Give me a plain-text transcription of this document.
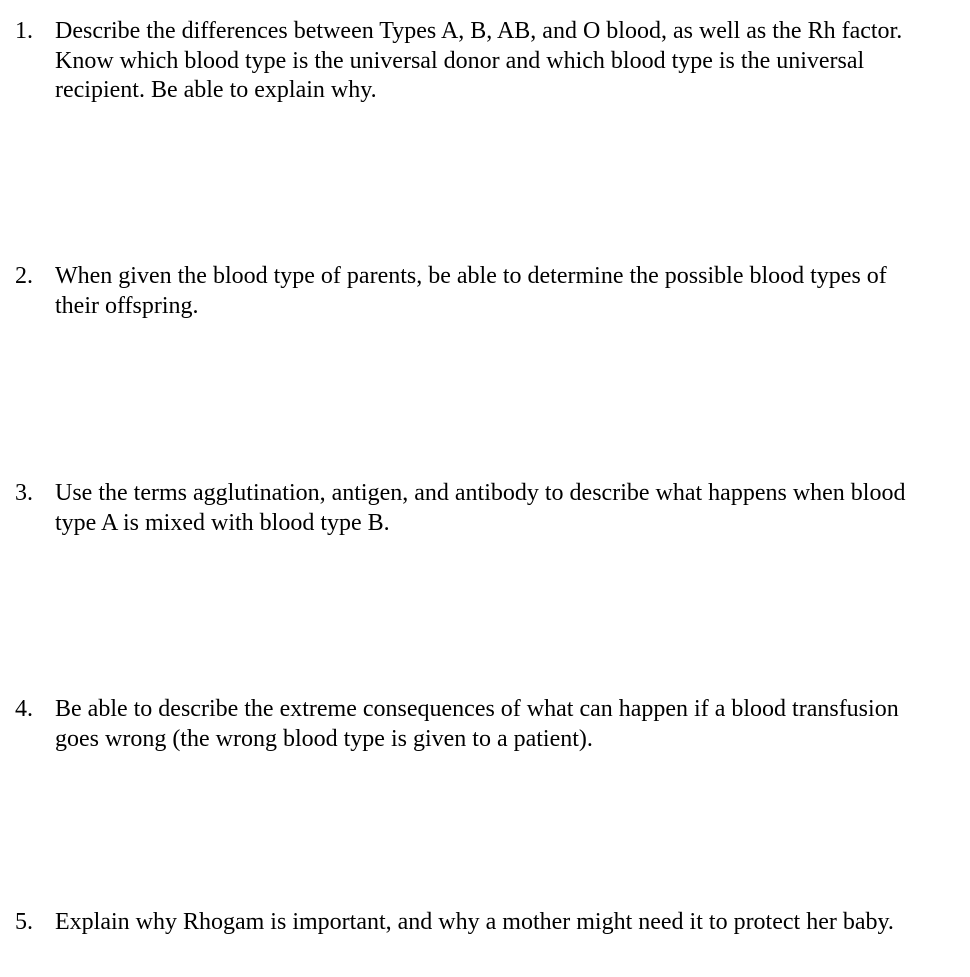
1. Describe the differences between Types A, B, AB, and O blood, as well as the Rh factor.
Know which blood type is the universal donor and which blood type is the universal
recipient. Be able to explain why.
2. When given the blood type of parents, be able to determine the possible blood types of
their offspring.
3. Use the terms agglutination, antigen, and antibody to describe what happens when blood
type A is mixed with blood type B.
4. Be able to describe the extreme consequences of what can happen if a blood transfusion
goes wrong (the wrong blood type is given to a patient).
5. Explain why Rhogam is important, and why a mother might need it to protect her baby.
